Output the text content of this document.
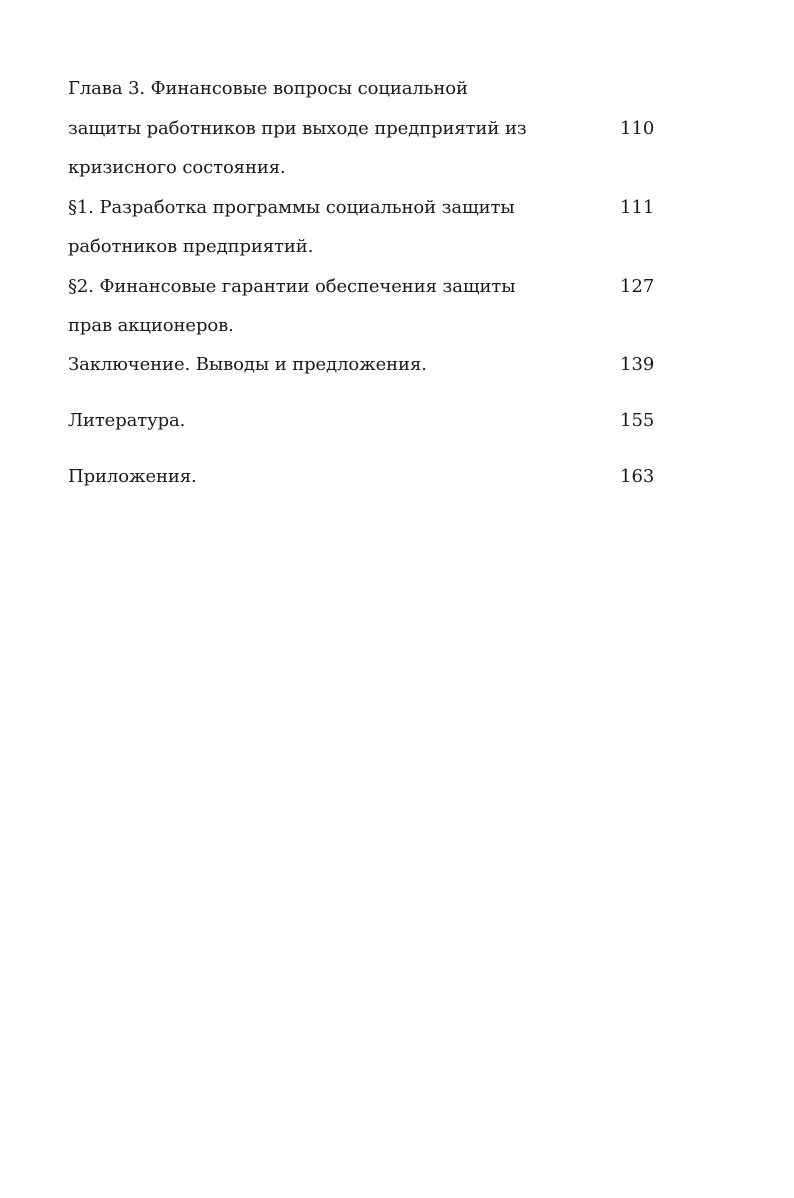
Глава 3. Финансовые вопросы социальной
защиты работников при выходе предприятий из	110
кризисного состояния.
§1. Разработка программы социальной защиты	111
работников предприятий.
§2. Финансовые гарантии обеспечения защиты	127
прав акционеров.
Заключение. Выводы и предложения.	139
Литература.	155
Приложения.	163
